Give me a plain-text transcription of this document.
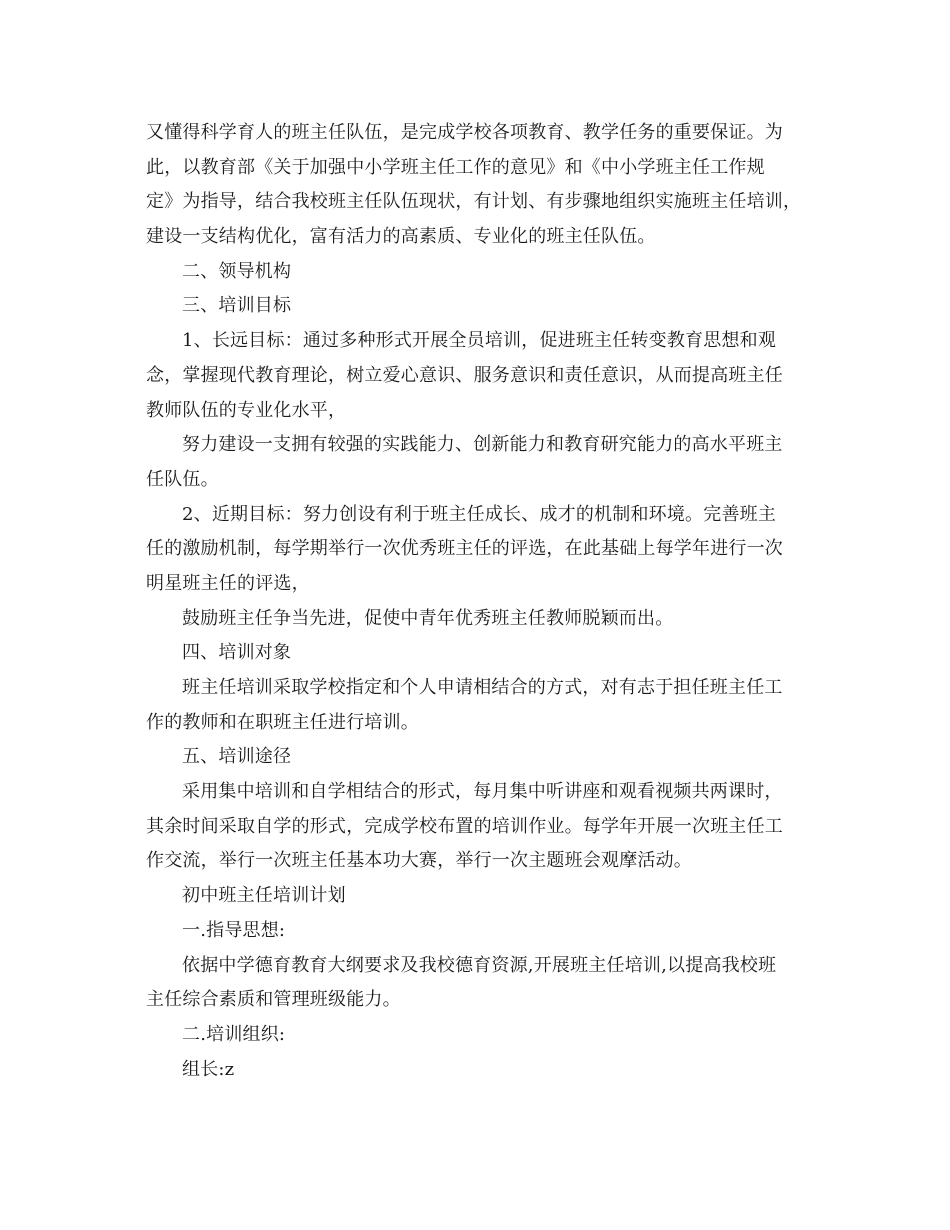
又懂得科学育人的班主任队伍，是完成学校各项教育、教学任务的重要保证。为
此，以教育部《关于加强中小学班主任工作的意见》和《中小学班主任工作规
定》为指导，结合我校班主任队伍现状，有计划、有步骤地组织实施班主任培训，
建设一支结构优化，富有活力的高素质、专业化的班主任队伍。
二、领导机构
三、培训目标
1、长远目标：通过多种形式开展全员培训，促进班主任转变教育思想和观
念，掌握现代教育理论，树立爱心意识、服务意识和责任意识，从而提高班主任
教师队伍的专业化水平，
努力建设一支拥有较强的实践能力、创新能力和教育研究能力的高水平班主
任队伍。
2、近期目标：努力创设有利于班主任成长、成才的机制和环境。完善班主
任的激励机制，每学期举行一次优秀班主任的评选，在此基础上每学年进行一次
明星班主任的评选，
鼓励班主任争当先进，促使中青年优秀班主任教师脱颖而出。
四、培训对象
班主任培训采取学校指定和个人申请相结合的方式，对有志于担任班主任工
作的教师和在职班主任进行培训。
五、培训途径
采用集中培训和自学相结合的形式，每月集中听讲座和观看视频共两课时，
其余时间采取自学的形式，完成学校布置的培训作业。每学年开展一次班主任工
作交流，举行一次班主任基本功大赛，举行一次主题班会观摩活动。
初中班主任培训计划
一.指导思想:
依据中学德育教育大纲要求及我校德育资源,开展班主任培训,以提高我校班
主任综合素质和管理班级能力。
二.培训组织:
组长:z
